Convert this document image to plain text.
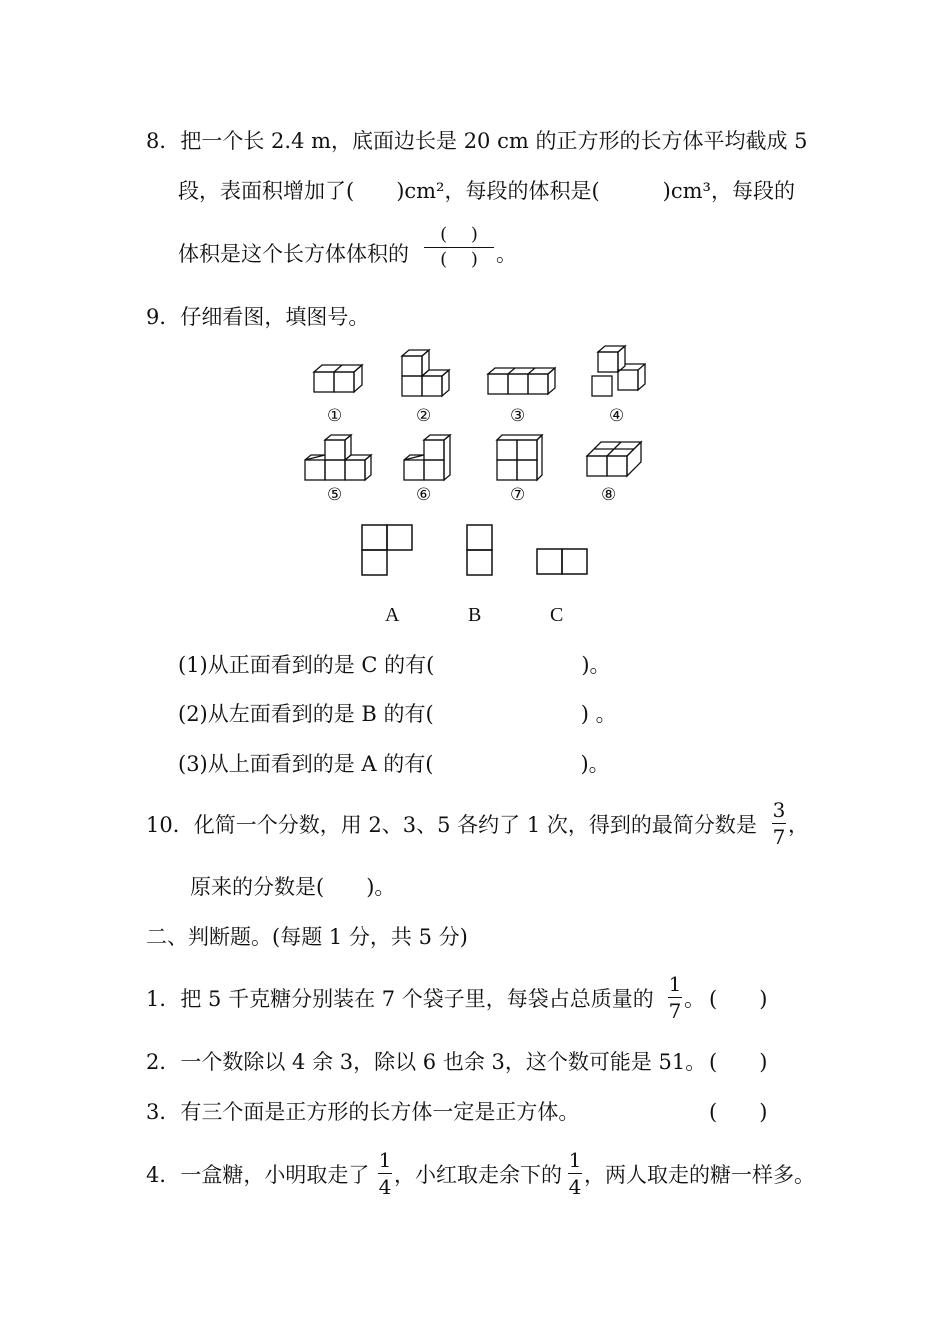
8．把一个长 2.4 m，底面边长是 20 cm 的正方形的长方体平均截成 5
段，表面积增加了(　　)cm²，每段的体积是(　　　)cm³，每段的
体积是这个长方体体积的
(　 )
(　 ) 。
9．仔细看图，填图号。
①	②	③	④
⑤	⑥	⑦	⑧
A	B	C
(1)从正面看到的是 C 的有(　　　　　　　)。
(2)从左面看到的是 B 的有(　　　　　　　) 。
(3)从上面看到的是 A 的有(　　　　　　　)。
10．化简一个分数，用 2、3、5 各约了 1 次，得到的最简分数是
3
7 ，
原来的分数是(　　)。
二、判断题。(每题 1 分，共 5 分)
1．把 5 千克糖分别装在 7 个袋子里，每袋占总质量的
1
7 。 (　　)
2．一个数除以 4 余 3，除以 6 也余 3，这个数可能是 51。 (　　)
3．有三个面是正方形的长方体一定是正方体。	(　　)
4．一盒糖，小明取走了
1
4 ，小红取走余下的
1
4 ，两人取走的糖一样多。
